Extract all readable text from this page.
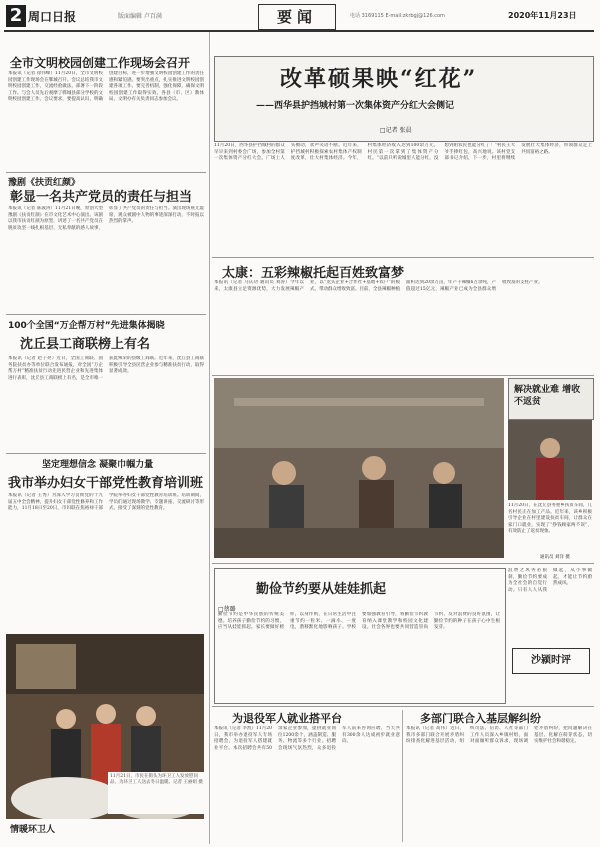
2 周口日报	版面编辑 卢百满	要闻	电话 3169115 E-mail:zkrbgj@126.com	2020年11月23日
全市文明校园创建工作现场会召开
本报讯（记者 徐伟峰）11月20日，全市文明校园创建工作现场会在郸城召开。会议总结我市文明校园创建工作，交流经验做法，部署下一阶段工作。与会人员先后观摩了郸城县部分学校的文明校园创建工作。会议要求，要提高认识，明确创建目标，进一步增强文明校园创建工作的责任感和紧迫感。要突出重点，扎实推进文明校园创建各项工作。要完善机制，强化保障，确保文明校园创建工作取得实效。各县（市、区）教体局、文明办有关负责同志参加会议。
豫剧《扶贡红颜》
彰显一名共产党员的责任与担当
本报讯（记者 陈波涛）11月21日晚，原创大型豫剧《扶贡红颜》在市文化艺术中心演出。该剧以我市扶贡红颜为原型，讲述了一名共产党员在脱贫攻坚一线扎根基层、无私奉献的感人故事，彰显了共产党员的责任与担当。演出现场座无虚席，观众被剧中人物的事迹深深打动，不时报以热烈的掌声。
100个全国“万企帮万村”先进集体揭晓
沈丘县工商联榜上有名
本报讯（记者 赵子亮）近日，全国工商联、国务院扶贫办等单位联合发布通报，对全国“万企帮万村”精准扶贫行动先进民营企业和先进集体进行表彰，沈丘县工商联榜上有名，是全市唯一获此殊荣的县级工商联。近年来，沈丘县工商联积极引导全县民营企业参与精准扶贫行动，取得显著成效。
坚定理想信念 凝聚巾帼力量
我市举办妇女干部党性教育培训班
本报讯（记者 王秀）为深入学习贯彻党的十九届五中全会精神，提升妇女干部党性修养和工作能力，11月18日至20日，市妇联在焦裕禄干部学院举办妇女干部党性教育培训班。培训期间，学员们通过现场教学、专题讲座、交流研讨等形式，接受了深刻的党性教育。
11月21日，市民在街头为环卫工人发放慰问品，为环卫工人送去冬日温暖。记者 王丽娟 摄
情暖环卫人
改革硕果映“红花”
——西华县护挡城村第一次集体资产分红大会侧记
□记者 张晨
11月20日，西华县护挡城村的群众早早来到村委会广场，参加全村第一次集体资产分红大会。广场上人头攒动，欢声笑语不断。近年来，护挡城村积极探索农村集体产权制度改革，壮大村集体经济。今年，村集体经济收入达到100余万元，村民第一次拿到了集体资产分红。“以前只听说城里人能分红，没想到咱农民也能分红了！”村民王大爷手捧红包，高兴地说。该村党支部书记介绍，下一步，村里将继续发展壮大集体经济，带领群众走上共同富裕之路。
太康：五彩辣椒托起百姓致富梦
本报讯（记者 马庆功 通讯员 刘涛）今年以来，太康县立足资源优势，大力发展辣椒产业，以“龙头企业+合作社+基地+农户”的模式，带动群众增收致富。目前，全县辣椒种植面积达到20余万亩，年产干辣椒6万余吨，产值超过15亿元，辣椒产业已成为全县群众增收致富的支柱产业。
解决就业难 增收不返贫
11月20日，在沈丘县务重乡扶贫车间，几名村民正在加工产品。近年来，该乡积极引导企业在村里建设扶贫车间，让群众在家门口就业，实现了“挣钱顾家两不误”，有效防止了返贫现象。
通讯员 刘洋 摄
勤俭节约要从娃娃抓起
□蔡璐
勤俭节约是中华民族的传统美德。培养孩子勤俭节约的习惯，应当从娃娃抓起。家长要做好榜样，以身作则，在日常生活中注重节约一粒米、一滴水、一度电，潜移默化地影响孩子。学校要加强教育引导，将勤俭节约教育纳入课堂教学和校园文化建设。社会各界也要共同营造崇尚节约、反对浪费的良好氛围，让勤俭节约的种子在孩子心中生根发芽。
浪费之风务必狠刹，勤俭节约要成为全社会的自觉行动。只有人人从我做起，从小事做起，才能让节约蔚然成风。
沙颍时评
为退役军人就业搭平台
本报讯（记者 李凯）11月20日，我市举办退役军人专场招聘会，为退役军人搭建就业平台。本次招聘会共有50余家企业参加，提供就业岗位1200余个，涵盖制造、服务、物流等多个行业。招聘会现场气氛热烈，众多退役军人前来咨询应聘，当天共有300余人达成初步就业意向。
多部门联合入基层解纠纷
本报讯（记者 高伟）近日，我市多部门联合开展矛盾纠纷排查化解进基层活动，组织司法、信访、人社等部门工作人员深入乡镇村组，面对面倾听群众诉求，现场调处矛盾纠纷，把问题解决在基层、化解在萌芽状态，切实维护社会和谐稳定。
